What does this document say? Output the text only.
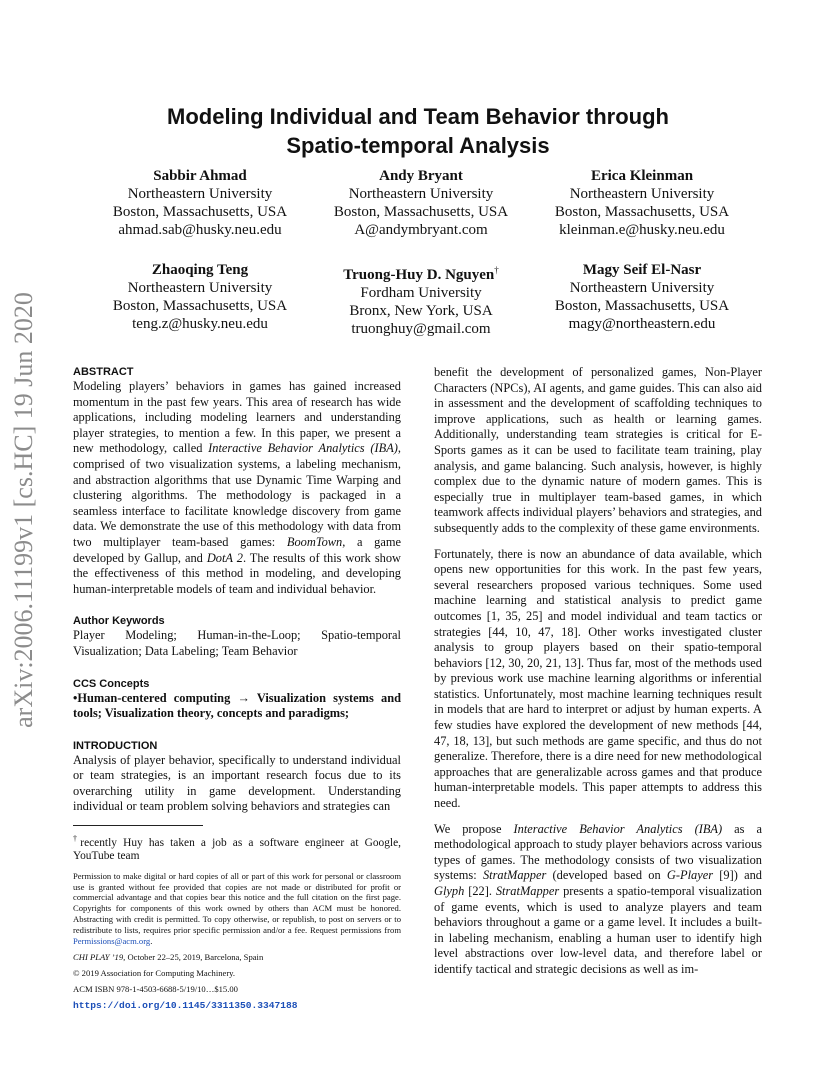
Modeling Individual and Team Behavior through
Spatio-temporal Analysis
Sabbir Ahmad
Northeastern University
Boston, Massachusetts, USA
ahmad.sab@husky.neu.edu
Andy Bryant
Northeastern University
Boston, Massachusetts, USA
A@andymbryant.com
Erica Kleinman
Northeastern University
Boston, Massachusetts, USA
kleinman.e@husky.neu.edu
Zhaoqing Teng
Northeastern University
Boston, Massachusetts, USA
teng.z@husky.neu.edu
Truong-Huy D. Nguyen†
Fordham University
Bronx, New York, USA
truonghuy@gmail.com
Magy Seif El-Nasr
Northeastern University
Boston, Massachusetts, USA
magy@northeastern.edu
arXiv:2006.11199v1 [cs.HC] 19 Jun 2020	ABSTRACT

Modeling players’ behaviors in games has gained increased momentum in the past few years. This area of research has wide applications, including modeling learners and understanding player strategies, to mention a few. In this paper, we present a new methodology, called Interactive Behavior Analytics (IBA), comprised of two visualization systems, a labeling mechanism, and abstraction algorithms that use Dynamic Time Warping and clustering algorithms. The methodology is packaged in a seamless interface to facilitate knowledge discovery from game data. We demonstrate the use of this methodology with data from two multiplayer team-based games: BoomTown, a game developed by Gallup, and DotA 2. The results of this work show the effectiveness of this method in modeling, and developing human-interpretable models of team and individual behavior.

Author Keywords

Player Modeling; Human-in-the-Loop; Spatio-temporal Visualization; Data Labeling; Team Behavior

CCS Concepts

•Human-centered computing → Visualization systems and tools; Visualization theory, concepts and paradigms;

INTRODUCTION

Analysis of player behavior, specifically to understand individual or team strategies, is an important research focus due to its overarching utility in game development. Understanding individual or team problem solving behaviors and strategies can

†recently Huy has taken a job as a software engineer at Google, YouTube team

Permission to make digital or hard copies of all or part of this work for personal or classroom use is granted without fee provided that copies are not made or distributed for profit or commercial advantage and that copies bear this notice and the full citation on the first page. Copyrights for components of this work owned by others than ACM must be honored. Abstracting with credit is permitted. To copy otherwise, or republish, to post on servers or to redistribute to lists, requires prior specific permission and/or a fee. Request permissions from Permissions@acm.org.

CHI PLAY ’19, October 22–25, 2019, Barcelona, Spain

© 2019 Association for Computing Machinery.

ACM ISBN 978-1-4503-6688-5/19/10…$15.00

https://doi.org/10.1145/3311350.3347188

benefit the development of personalized games, Non-Player Characters (NPCs), AI agents, and game guides. This can also aid in assessment and the development of scaffolding techniques to improve applications, such as health or learning games. Additionally, understanding team strategies is critical for E-Sports games as it can be used to facilitate team training, play analysis, and game balancing. Such analysis, however, is highly complex due to the dynamic nature of modern games. This is especially true in multiplayer team-based games, in which teamwork affects individual players’ behaviors and strategies, and subsequently adds to the complexity of these game environments.

Fortunately, there is now an abundance of data available, which opens new opportunities for this work. In the past few years, several researchers proposed various techniques. Some used machine learning and statistical analysis to predict game outcomes [1, 35, 25] and model individual and team tactics or strategies [44, 10, 47, 18]. Other works investigated cluster analysis to group players based on their spatio-temporal behaviors [12, 30, 20, 21, 13]. Thus far, most of the methods used by previous work use machine learning algorithms or inferential statistics. Unfortunately, most machine learning techniques result in models that are hard to interpret or adjust by human experts. A few studies have explored the development of new methods [44, 47, 18, 13], but such methods are game specific, and thus do not generalize. Therefore, there is a dire need for new methodological approaches that are generalizable across games and that produce human-interpretable models. This paper attempts to address this need.

We propose Interactive Behavior Analytics (IBA) as a methodological approach to study player behaviors across various types of games. The methodology consists of two visualization systems: StratMapper (developed based on G-Player [9]) and Glyph [22]. StratMapper presents a spatio-temporal visualization of game events, which is used to analyze players and team behaviors throughout a game or a game level. It includes a built-in labeling mechanism, enabling a human user to identify high level abstractions over low-level data, and therefore label or identify tactical and strategic decisions as well as im-
